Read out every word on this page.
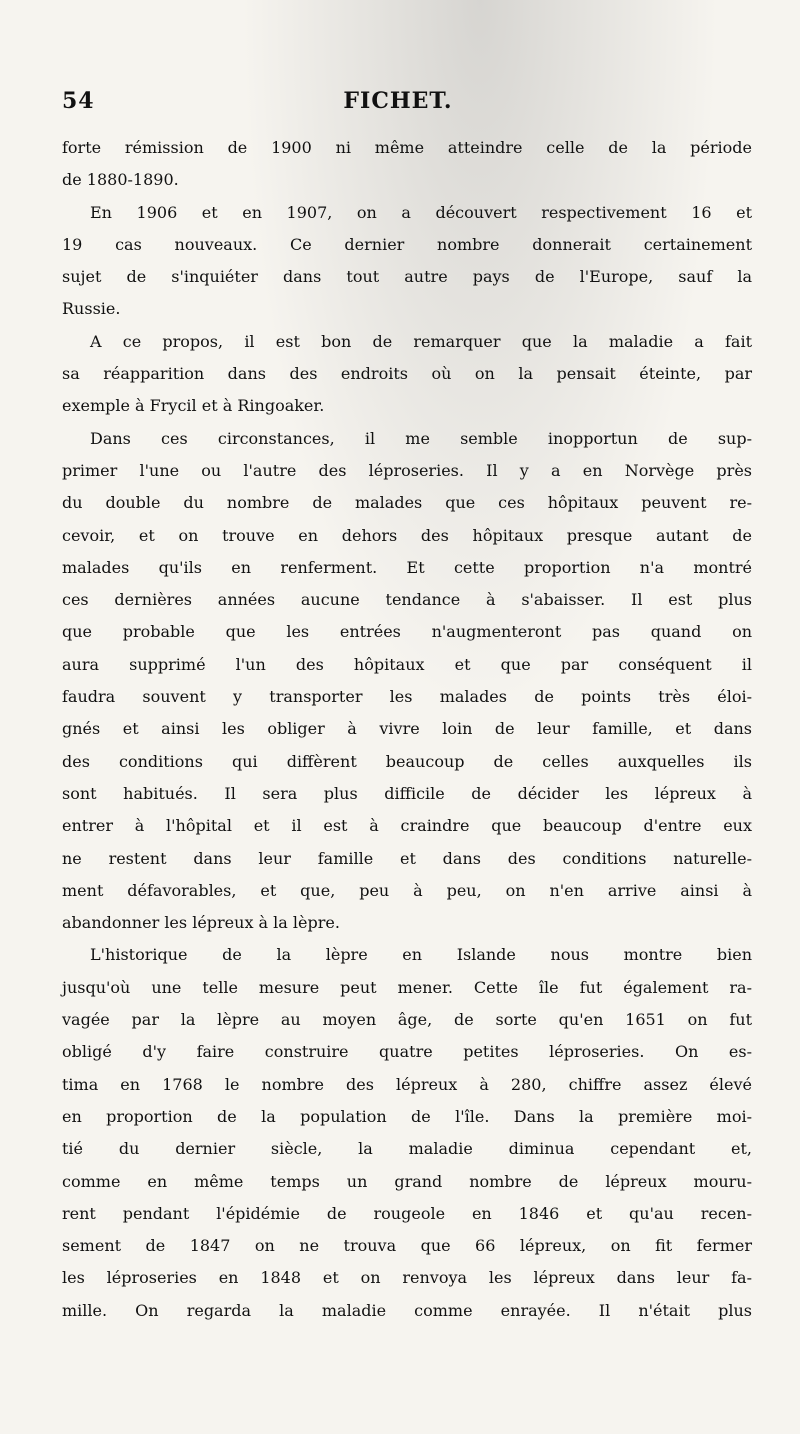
54	FICHET.
forte rémission de 1900 ni même atteindre celle de la période
de 1880-1890.
En 1906 et en 1907, on a découvert respectivement 16 et
19 cas nouveaux. Ce dernier nombre donnerait certainement
sujet de s'inquiéter dans tout autre pays de l'Europe, sauf la
Russie.
A ce propos, il est bon de remarquer que la maladie a fait
sa réapparition dans des endroits où on la pensait éteinte, par
exemple à Frycil et à Ringoaker.
Dans ces circonstances, il me semble inopportun de sup-
primer l'une ou l'autre des léproseries. Il y a en Norvège près
du double du nombre de malades que ces hôpitaux peuvent re-
cevoir, et on trouve en dehors des hôpitaux presque autant de
malades qu'ils en renferment. Et cette proportion n'a montré
ces dernières années aucune tendance à s'abaisser. Il est plus
que probable que les entrées n'augmenteront pas quand on
aura supprimé l'un des hôpitaux et que par conséquent il
faudra souvent y transporter les malades de points très éloi-
gnés et ainsi les obliger à vivre loin de leur famille, et dans
des conditions qui diffèrent beaucoup de celles auxquelles ils
sont habitués. Il sera plus difficile de décider les lépreux à
entrer à l'hôpital et il est à craindre que beaucoup d'entre eux
ne restent dans leur famille et dans des conditions naturelle-
ment défavorables, et que, peu à peu, on n'en arrive ainsi à
abandonner les lépreux à la lèpre.
L'historique de la lèpre en Islande nous montre bien
jusqu'où une telle mesure peut mener. Cette île fut également ra-
vagée par la lèpre au moyen âge, de sorte qu'en 1651 on fut
obligé d'y faire construire quatre petites léproseries. On es-
tima en 1768 le nombre des lépreux à 280, chiffre assez élevé
en proportion de la population de l'île. Dans la première moi-
tié du dernier siècle, la maladie diminua cependant et,
comme en même temps un grand nombre de lépreux mouru-
rent pendant l'épidémie de rougeole en 1846 et qu'au recen-
sement de 1847 on ne trouva que 66 lépreux, on fit fermer
les léproseries en 1848 et on renvoya les lépreux dans leur fa-
mille. On regarda la maladie comme enrayée. Il n'était plus
